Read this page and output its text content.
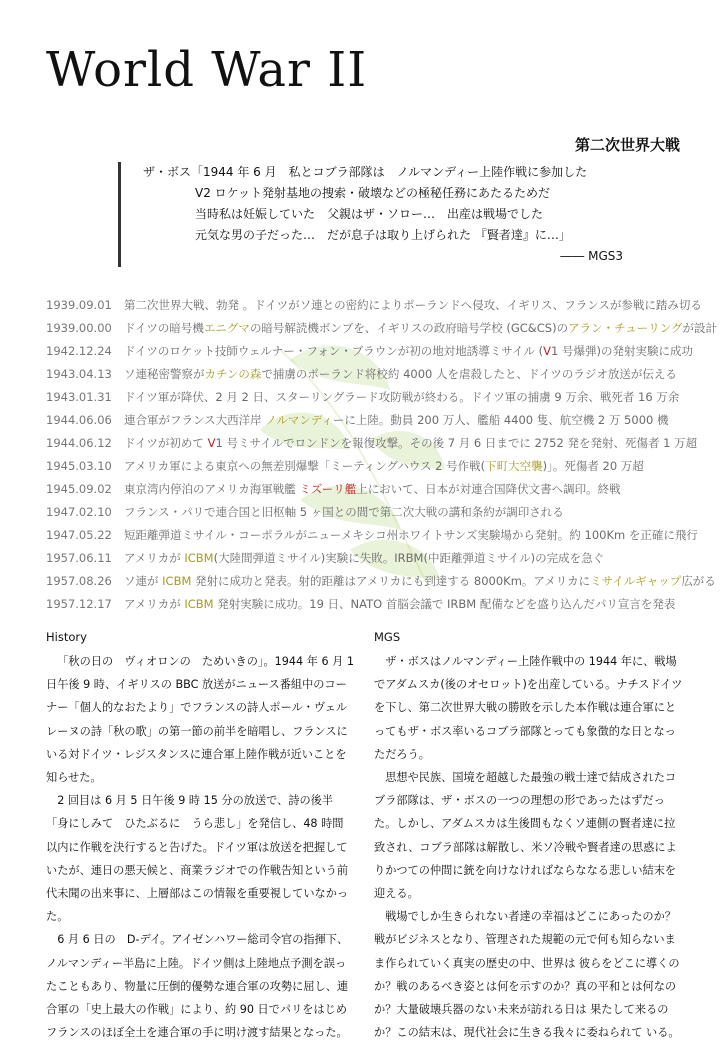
World War II
第二次世界大戦
ザ・ボス「1944 年 6 月　私とコブラ部隊は　ノルマンディー上陸作戦に参加した
V2 ロケット発射基地の捜索・破壊などの極秘任務にあたるためだ
当時私は妊娠していた　父親はザ・ソロー…　出産は戦場でした
元気な男の子だった…　だが息子は取り上げられた 『賢者達』に…」
―― MGS3
1939.09.01 第二次世界大戦、勃発 。ドイツがソ連との密約によりポーランドへ侵攻、イギリス、フランスが参戦に踏み切る
1939.00.00 ドイツの暗号機エニグマの暗号解読機ボンブを、イギリスの政府暗号学校 (GC&CS)のアラン・チューリングが設計
1942.12.24 ドイツのロケット技師ウェルナー・フォン・ブラウンが初の地対地誘導ミサイル (V1 号爆弾)の発射実験に成功
1943.04.13 ソ連秘密警察がカチンの森で捕虜のポーランド将校約 4000 人を虐殺したと、ドイツのラジオ放送が伝える
1943.01.31 ドイツ軍が降伏、2 月 2 日、スターリングラード攻防戦が終わる。ドイツ軍の捕虜 9 万余、戦死者 16 万余
1944.06.06 連合軍がフランス大西洋岸 ノルマンディーに上陸。動員 200 万人、艦船 4400 隻、航空機 2 万 5000 機
1944.06.12 ドイツが初めて V1 号ミサイルでロンドンを報復攻撃。その後 7 月 6 日までに 2752 発を発射、死傷者 1 万超
1945.03.10 アメリカ軍による東京への無差別爆撃「ミーティングハウス 2 号作戦(下町大空襲)」。死傷者 20 万超
1945.09.02 東京湾内停泊のアメリカ海軍戦艦 ミズーリ艦上において、日本が対連合国降伏文書へ調印。終戦
1947.02.10 フランス・パリで連合国と旧枢軸 5 ヶ国との間で第二次大戦の講和条約が調印される
1947.05.22 短距離弾道ミサイル・コーポラルがニューメキシコ州ホワイトサンズ実験場から発射。約 100Km を正確に飛行
1957.06.11 アメリカが ICBM(大陸間弾道ミサイル)実験に失敗。IRBM(中距離弾道ミサイル)の完成を急ぐ
1957.08.26 ソ連が ICBM 発射に成功と発表。射的距離はアメリカにも到達する 8000Km。アメリカにミサイルギャップ広がる
1957.12.17 アメリカが ICBM 発射実験に成功。19 日、NATO 首脳会議で IRBM 配備などを盛り込んだパリ宣言を発表
History

「秋の日の　ヴィオロンの　ためいきの」。1944 年 6 月 1 日午後 9 時、イギリスの BBC 放送がニュース番組中のコーナー「個人的なおたより」でフランスの詩人ポール・ヴェルレーヌの詩「秋の歌」の第一節の前半を暗唱し、フランスにいる対ドイツ・レジスタンスに連合軍上陸作戦が近いことを知らせた。

2 回目は 6 月 5 日午後 9 時 15 分の放送で、詩の後半「身にしみて　ひたぶるに　うら悲し」を発信し、48 時間以内に作戦を決行すると告げた。ドイツ軍は放送を把握していたが、連日の悪天候と、商業ラジオでの作戦告知という前代未聞の出来事に、上層部はこの情報を重要視していなかった。

6 月 6 日の　D-デイ。アイゼンハワー総司令官の指揮下、ノルマンディー半島に上陸。ドイツ側は上陸地点予測を誤ったこともあり、物量に圧倒的優勢な連合軍の攻勢に屈し、連合軍の「史上最大の作戦」により、約 90 日でパリをはじめフランスのほぼ全土を連合軍の手に明け渡す結果となった。

MGS

ザ・ボスはノルマンディー上陸作戦中の 1944 年に、戦場でアダムスカ(後のオセロット)を出産している。ナチスドイツを下し、第二次世界大戦の勝敗を示した本作戦は連合軍にとってもザ・ボス率いるコブラ部隊とっても象徴的な日となっただろう。

思想や民族、国境を超越した最強の戦士達で結成されたコブラ部隊は、ザ・ボスの一つの理想の形であったはずだった。しかし、アダムスカは生後間もなくソ連側の賢者達に拉致され、コブラ部隊は解散し、米ソ冷戦や賢者達の思惑によりかつての仲間に銃を向けなければならななる悲しい結末を迎える。

戦場でしか生きられない者達の幸福はどこにあったのか？戦がビジネスとなり、管理された規範の元で何も知らないまま作られていく真実の歴史の中、世界は 彼らをどこに導くのか？戦のあるべき姿とは何を示すのか？真の平和とは何なのか？大量破壊兵器のない未来が訪れる日は 果たして来るのか？この結末は、現代社会に生きる我々に委ねられて いる。
